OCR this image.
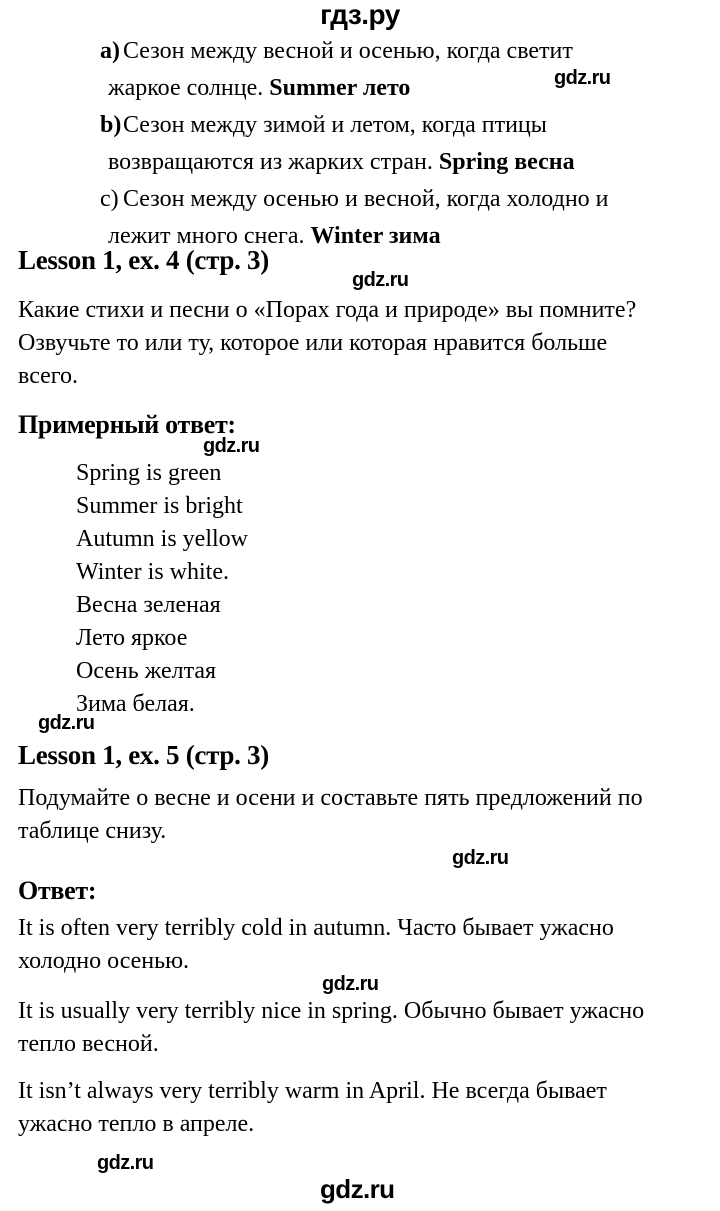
гдз.ру
a) Сезон между весной и осенью, когда светит
жаркое солнце. Summer лето
b)Сезон между зимой и летом, когда птицы
возвращаются из жарких стран. Spring весна
c) Сезон между осенью и весной, когда холодно и
лежит много снега. Winter зима
gdz.ru
gdz.ru
gdz.ru
gdz.ru
gdz.ru
gdz.ru
gdz.ru
gdz.ru
Lesson 1, ex. 4 (стр. 3)
Какие стихи и песни о «Порах года и природе» вы помните?
Озвучьте то или ту, которое или которая нравится больше
всего.
Примерный ответ:
Spring is green
Summer is bright
Autumn is yellow
Winter is white.
Весна зеленая
Лето яркое
Осень желтая
Зима белая.
Lesson 1, ex. 5 (стр. 3)
Подумайте о весне и осени и составьте пять предложений по
таблице снизу.
Ответ:
It is often very terribly cold in autumn. Часто бывает ужасно
холодно осенью.
It is usually very terribly nice in spring. Обычно бывает ужасно
тепло весной.
It isn’t always very terribly warm in April. Не всегда бывает
ужасно тепло в апреле.
